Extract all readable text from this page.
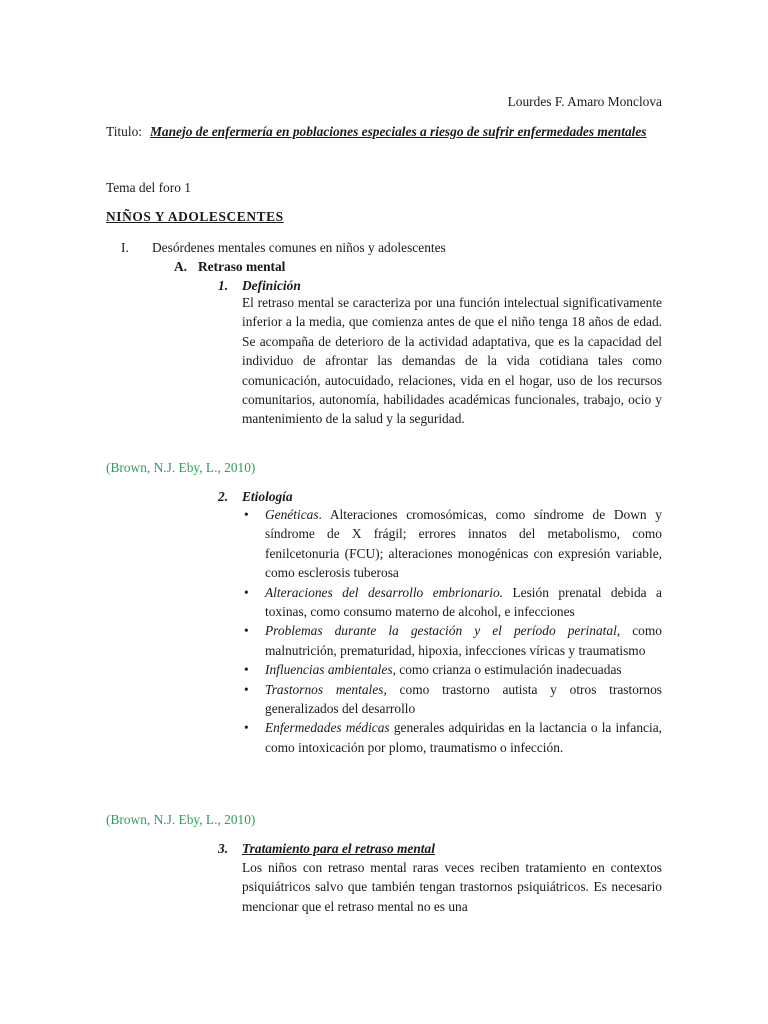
Lourdes F. Amaro Monclova
Titulo: Manejo de enfermería en poblaciones especiales a riesgo de sufrir enfermedades mentales
Tema del foro 1
NIÑOS Y ADOLESCENTES
I. Desórdenes mentales comunes en niños y adolescentes
A. Retraso mental
1. Definición
El retraso mental se caracteriza por una función intelectual significativamente inferior a la media, que comienza antes de que el niño tenga 18 años de edad. Se acompaña de deterioro de la actividad adaptativa, que es la capacidad del individuo de afrontar las demandas de la vida cotidiana tales como comunicación, autocuidado, relaciones, vida en el hogar, uso de los recursos comunitarios, autonomía, habilidades académicas funcionales, trabajo, ocio y mantenimiento de la salud y la seguridad.
(Brown, N.J. Eby, L., 2010)
2. Etiología
• Genéticas. Alteraciones cromosómicas, como síndrome de Down y síndrome de X frágil; errores innatos del metabolismo, como fenilcetonuria (FCU); alteraciones monogénicas con expresión variable, como esclerosis tuberosa
• Alteraciones del desarrollo embrionario. Lesión prenatal debida a toxinas, como consumo materno de alcohol, e infecciones
• Problemas durante la gestación y el período perinatal, como malnutrición, prematuridad, hipoxia, infecciones víricas y traumatismo
• Influencias ambientales, como crianza o estimulación inadecuadas
• Trastornos mentales, como trastorno autista y otros trastornos generalizados del desarrollo
• Enfermedades médicas generales adquiridas en la lactancia o la infancia, como intoxicación por plomo, traumatismo o infección.
(Brown, N.J. Eby, L., 2010)
3. Tratamiento para el retraso mental
Los niños con retraso mental raras veces reciben tratamiento en contextos psiquiátricos salvo que también tengan trastornos psiquiátricos. Es necesario mencionar que el retraso mental no es una
